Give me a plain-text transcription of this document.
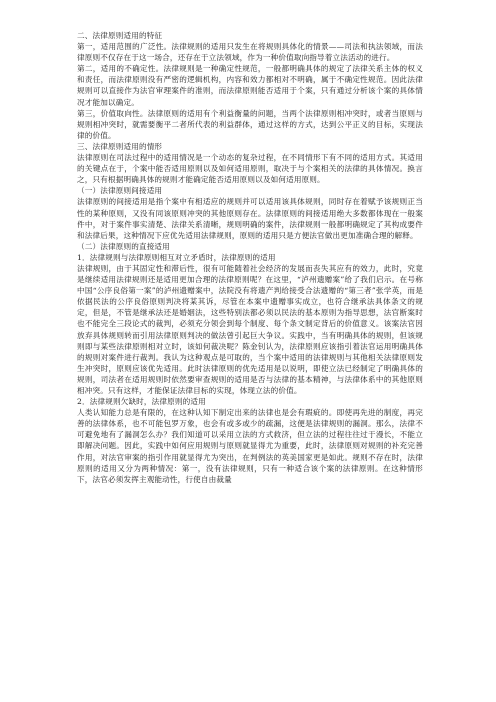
二、法律原则适用的特征

第一，适用范围的广泛性。法律规则的适用只发生在将规则具体化的情景——司法和执法领域，而法律原则不仅存在于这一场合，还存在于立法领域，作为一种价值取向指导着立法活动的进行。

第二，适用的不确定性。法律规则是一种确定性规范，一般都明确具体的规定了法律关系主体的权义和责任，而法律原则没有严密的逻辑机构，内容和效力都相对不明确，属于不确定性规范。因此法律规则可以直接作为法官审理案件的准则，而法律原则能否适用于个案，只有通过分析该个案的具体情况才能加以确定。

第三，价值取向性。法律原则的适用有个利益衡量的问题，当两个法律原则相冲突时，或者当原则与规则相冲突时，就需要衡平二者所代表的利益群体，通过这样的方式，达到公平正义的目标，实现法律的价值。

三、法律原则适用的情形

法律原则在司法过程中的适用情况是一个动态的复杂过程，在不同情形下有不同的适用方式。其适用的关键点在于，个案中能否适用原则以及如何适用原则，取决于与个案相关的法律的具体情况。换言之，只有根据明确具体的规则才能确定能否适用原则以及如何适用原则。

（一）法律原则间接适用

法律原则的间接适用是指个案中有相适应的规则并可以适用该具体规则，同时存在着赋予该规则正当性的某种原则，又没有同该原则冲突的其他原则存在。法律原则的间接适用绝大多数都体现在一般案件中，对于案件事实清楚、法律关系清晰，规则明确的案件，法律规则一般都明确规定了其构成要件和法律后果，这种情况下应优先适用法律规则，原则的适用只是方便法官做出更加准确合理的解释。

（二）法律原则的直接适用

1．法律规则与法律原则相互对立矛盾时，法律原则的适用

法律规则，由于其固定性和滞后性，很有可能随着社会经济的发展而丧失其应有的效力，此时，究竟是继续适用法律规则还是适用更加合理的法律原则呢？在这里，“泸州遗赠案”给了我们启示。在号称中国“公序良俗第一案”的泸州遗赠案中，法院没有将遗产判给接受合法遗赠的“第三者”张学英，而是依据民法的公序良俗原则判决将某其诉，尽管在本案中遗赠事实成立，也符合继承法具体条文的规定，但是，不管是继承法还是婚姻法，这些特别法都必须以民法的基本原则为指导思想，法官断案时也不能完全三段论式的裁判，必须充分领会到每个制度、每个条文制定背后的价值意义。该案法官因放弃具体规则转而引用法律原则判决的做法曾引起巨大争议。实践中，当有明确具体的规则，但该规则即与某些法律原则相对立时，该如何裁决呢？陈金钊认为，法律原则应该指引着法官运用明确具体的规则对案件进行裁判。我认为这种观点是可取的，当个案中适用的法律规则与其他相关法律原则发生冲突时，原则应该优先适用。此时法律原则的优先适用是以说明，即使立法已经制定了明确具体的规则，司法者在适用规则时依然要审查规则的适用是否与法律的基本精神，与法律体系中的其他原则相冲突。只有这样，才能保证法律目标的实现，体现立法的价值。

2．法律规则欠缺时，法律原则的适用

人类认知能力总是有限的，在这种认知下制定出来的法律也是会有瑕疵的。即使再先进的制度，再完善的法律体系，也不可能包罗万象，也会有或多或少的疏漏，这便是法律规则的漏洞。那么，法律不可避免地有了漏洞怎么办？我们知道可以采用立法的方式救济，但立法的过程往往过于漫长，不能立即解决问题。因此，实践中如何应用规则与原则就显得尤为重要，此时，法律原则对规则的补充完善作用，对法官审案的指引作用就显得尤为突出，在判例法的英美国家更是如此。规则不存在时，法律原则的适用又分为两种情况：第一，没有法律规则，只有一种适合该个案的法律原则。在这种情形下，法官必须发挥主观能动性，行使自由裁量
